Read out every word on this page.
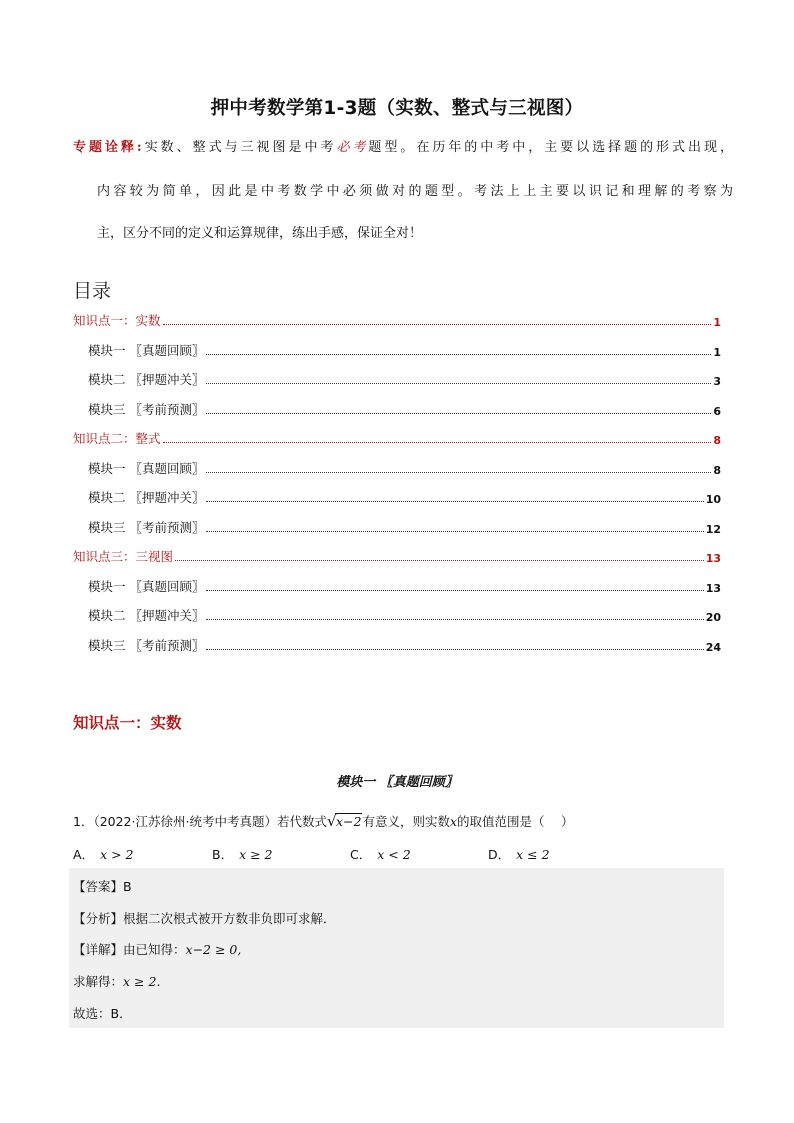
押中考数学第1-3题（实数、整式与三视图）
专题诠释:实数、整式与三视图是中考必考题型。在历年的中考中，主要以选择题的形式出现，
内容较为简单，因此是中考数学中必须做对的题型。考法上上主要以识记和理解的考察为
主，区分不同的定义和运算规律，练出手感，保证全对！
目录
知识点一：实数	1
模块一 〖真题回顾〗	1
模块二 〖押题冲关〗	3
模块三 〖考前预测〗	6
知识点二：整式	8
模块一 〖真题回顾〗	8
模块二 〖押题冲关〗	10
模块三 〖考前预测〗	12
知识点三：三视图	13
模块一 〖真题回顾〗	13
模块二 〖押题冲关〗	20
模块三 〖考前预测〗	24
知识点一：实数
模块一 〖真题回顾〗
1．（2022·江苏徐州·统考中考真题）若代数式 √ x−2有意义，则实数x的取值范围是（　 ）
A． x > 2	B． x ≥ 2	C． x < 2	D． x ≤ 2
【答案】B
【分析】根据二次根式被开方数非负即可求解．
【详解】由已知得：x−2 ≥ 0,
求解得：x ≥ 2.
故选：B．
